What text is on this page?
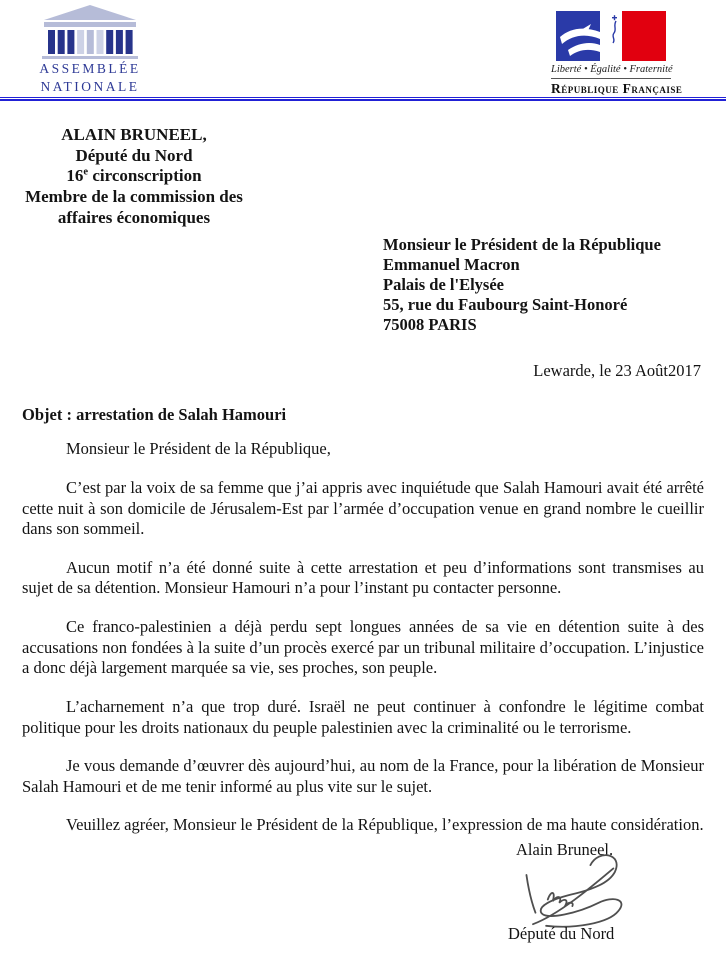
ASSEMBLÉE
NATIONALE
Liberté • Égalité • Fraternité
République Française
ALAIN BRUNEEL,
Député du Nord
16e circonscription
Membre de la commission des
affaires économiques
Monsieur le Président de la République
Emmanuel Macron
Palais de l'Elysée
55, rue du Faubourg Saint-Honoré
75008 PARIS
Lewarde, le 23 Août2017
Objet : arrestation de Salah Hamouri

Monsieur le Président de la République,

C’est par la voix de sa femme que j’ai appris avec inquiétude que Salah Hamouri avait été arrêté cette nuit à son domicile de Jérusalem-Est par l’armée d’occupation venue en grand nombre le cueillir dans son sommeil.

Aucun motif n’a été donné suite à cette arrestation et peu d’informations sont transmises au sujet de sa détention. Monsieur Hamouri n’a pour l’instant pu contacter personne.

Ce franco-palestinien a déjà perdu sept longues années de sa vie en détention suite à des accusations non fondées à la suite d’un procès exercé par un tribunal militaire d’occupation. L’injustice a donc déjà largement marquée sa vie, ses proches, son peuple.

L’acharnement n’a que trop duré. Israël ne peut continuer à confondre le légitime combat politique pour les droits nationaux du peuple palestinien avec la criminalité ou le terrorisme.

Je vous demande d’œuvrer dès aujourd’hui, au nom de la France, pour la libération de Monsieur Salah Hamouri et de me tenir informé au plus vite sur le sujet.

Veuillez agréer, Monsieur le Président de la République, l’expression de ma haute considération.

Alain Bruneel.
Député du Nord
